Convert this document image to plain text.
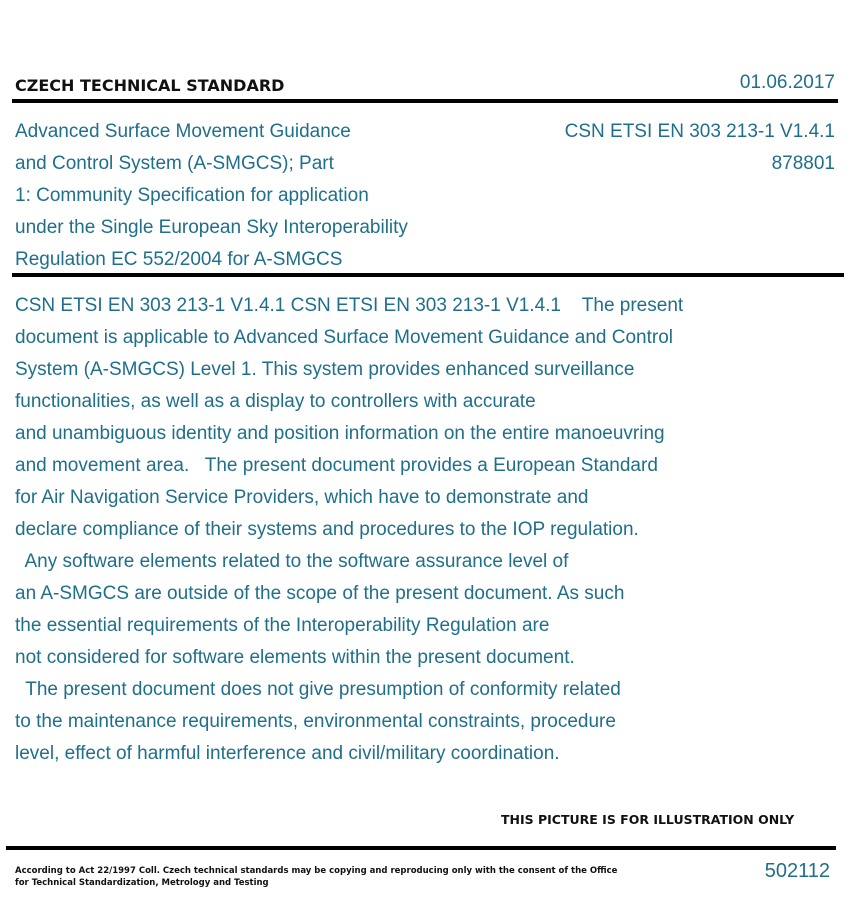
CZECH TECHNICAL STANDARD	01.06.2017
Advanced Surface Movement Guidance
and Control System (A-SMGCS); Part
1: Community Specification for application
under the Single European Sky Interoperability
Regulation EC 552/2004 for A-SMGCS
CSN ETSI EN 303 213-1 V1.4.1
878801
CSN ETSI EN 303 213-1 V1.4.1 CSN ETSI EN 303 213-1 V1.4.1    The present
document is applicable to Advanced Surface Movement Guidance and Control
System (A-SMGCS) Level 1. This system provides enhanced surveillance
functionalities, as well as a display to controllers with accurate
and unambiguous identity and position information on the entire manoeuvring
and movement area.   The present document provides a European Standard
for Air Navigation Service Providers, which have to demonstrate and
declare compliance of their systems and procedures to the IOP regulation.
Any software elements related to the software assurance level of
an A-SMGCS are outside of the scope of the present document. As such
the essential requirements of the Interoperability Regulation are
not considered for software elements within the present document.
The present document does not give presumption of conformity related
to the maintenance requirements, environmental constraints, procedure
level, effect of harmful interference and civil/military coordination.
THIS PICTURE IS FOR ILLUSTRATION ONLY
According to Act 22/1997 Coll. Czech technical standards may be copying and reproducing only with the consent of the Office
for Technical Standardization, Metrology and Testing
502112
